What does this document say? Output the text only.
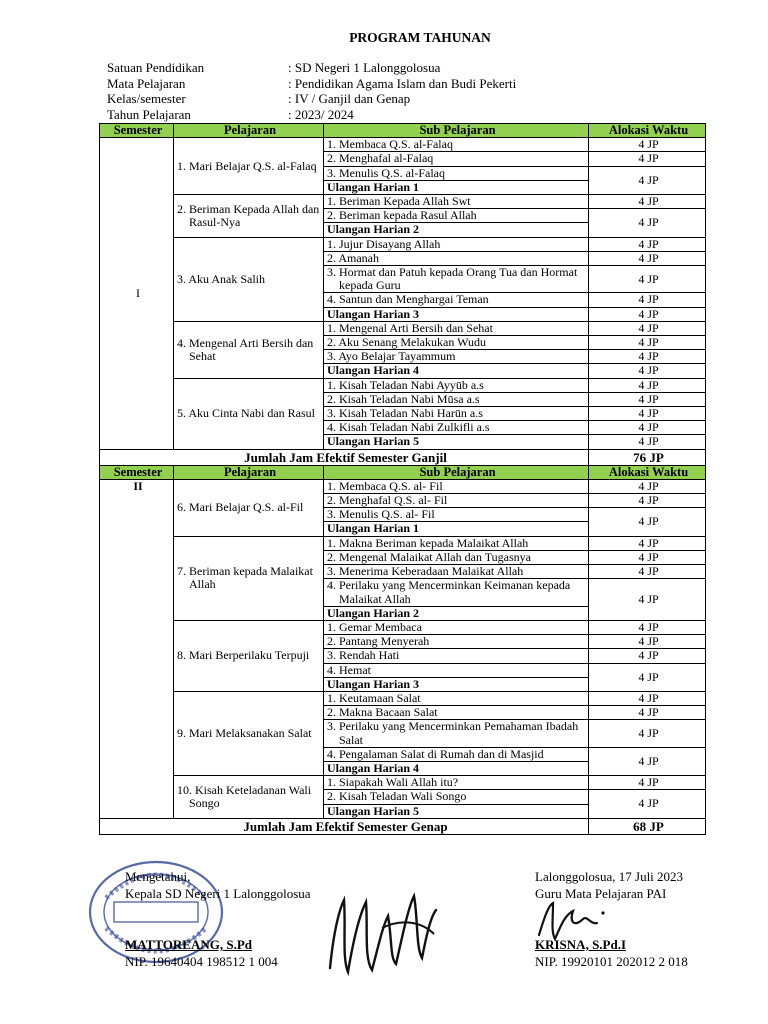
PROGRAM TAHUNAN
Satuan Pendidikan	: SD Negeri 1 Lalonggolosua
Mata Pelajaran	: Pendidikan Agama Islam dan Budi Pekerti
Kelas/semester	: IV / Ganjil dan Genap
Tahun Pelajaran	: 2023/ 2024
Semester	Pelajaran	Sub Pelajaran	Alokasi Waktu
I	1. Mari Belajar Q.S. al-Falaq	1. Membaca Q.S. al-Falaq	4 JP
		2. Menghafal al-Falaq	4 JP
		3. Menulis Q.S. al-Falaq	4 JP
		Ulangan Harian 1	

	2. Beriman Kepada Allah dan Rasul-Nya	1. Beriman Kepada Allah Swt	4 JP
		2. Beriman kepada Rasul Allah	4 JP
		Ulangan Harian 2	

	3. Aku Anak Salih	1. Jujur Disayang Allah	4 JP
		2. Amanah	4 JP

		3. Hormat dan Patuh kepada Orang Tua dan Hormat kepada Guru	4 JP
		4. Santun dan Menghargai Teman	4 JP
		Ulangan Harian 3	4 JP

	4. Mengenal Arti Bersih dan Sehat	1. Mengenal Arti Bersih dan Sehat	4 JP
		2. Aku Senang Melakukan Wudu	4 JP
		3. Ayo Belajar Tayammum	4 JP
		Ulangan Harian 4	4 JP

	5. Aku Cinta Nabi dan Rasul	1. Kisah Teladan Nabi Ayyūb a.s	4 JP
		2. Kisah Teladan Nabi Mūsa a.s	4 JP
		3. Kisah Teladan Nabi Harūn a.s	4 JP
		4. Kisah Teladan Nabi Zulkifli a.s	4 JP
		Ulangan Harian 5	4 JP
Jumlah Jam Efektif Semester Ganjil			76 JP
Semester	Pelajaran	Sub Pelajaran	Alokasi Waktu
II	6. Mari Belajar Q.S. al-Fil	1. Membaca Q.S. al- Fil	4 JP
		2. Menghafal Q.S. al- Fil	4 JP
		3. Menulis Q.S. al- Fil	4 JP
		Ulangan Harian 1	

	7. Beriman kepada Malaikat Allah	1. Makna Beriman kepada Malaikat Allah	4 JP
		2. Mengenal Malaikat Allah dan Tugasnya	4 JP
		3. Menerima Keberadaan Malaikat Allah	4 JP

		4. Perilaku yang Mencerminkan Keimanan kepada Malaikat Allah	4 JP
		Ulangan Harian 2	

	8. Mari Berperilaku Terpuji	1. Gemar Membaca	4 JP
		2. Pantang Menyerah	4 JP
		3. Rendah Hati	4 JP
		4. Hemat	4 JP
		Ulangan Harian 3	

	9. Mari Melaksanakan Salat	1. Keutamaan Salat	4 JP
		2. Makna Bacaan Salat	4 JP

		3. Perilaku yang Mencerminkan Pemahaman Ibadah Salat	4 JP
		4. Pengalaman Salat di Rumah dan di Masjid	4 JP
		Ulangan Harian 4	

	10. Kisah Keteladanan Wali Songo	1. Siapakah Wali Allah itu?	4 JP
		2. Kisah Teladan Wali Songo	4 JP
		Ulangan Harian 5	
Jumlah Jam Efektif Semester Genap			68 JP
Mengetahui,
Kepala SD Negeri 1 Lalonggolosua
MATTOREANG, S.Pd
NIP. 19640404 198512 1 004
Lalonggolosua, 17 Juli 2023
Guru Mata Pelajaran PAI
KRISNA, S.Pd.I
NIP. 19920101 202012 2 018
